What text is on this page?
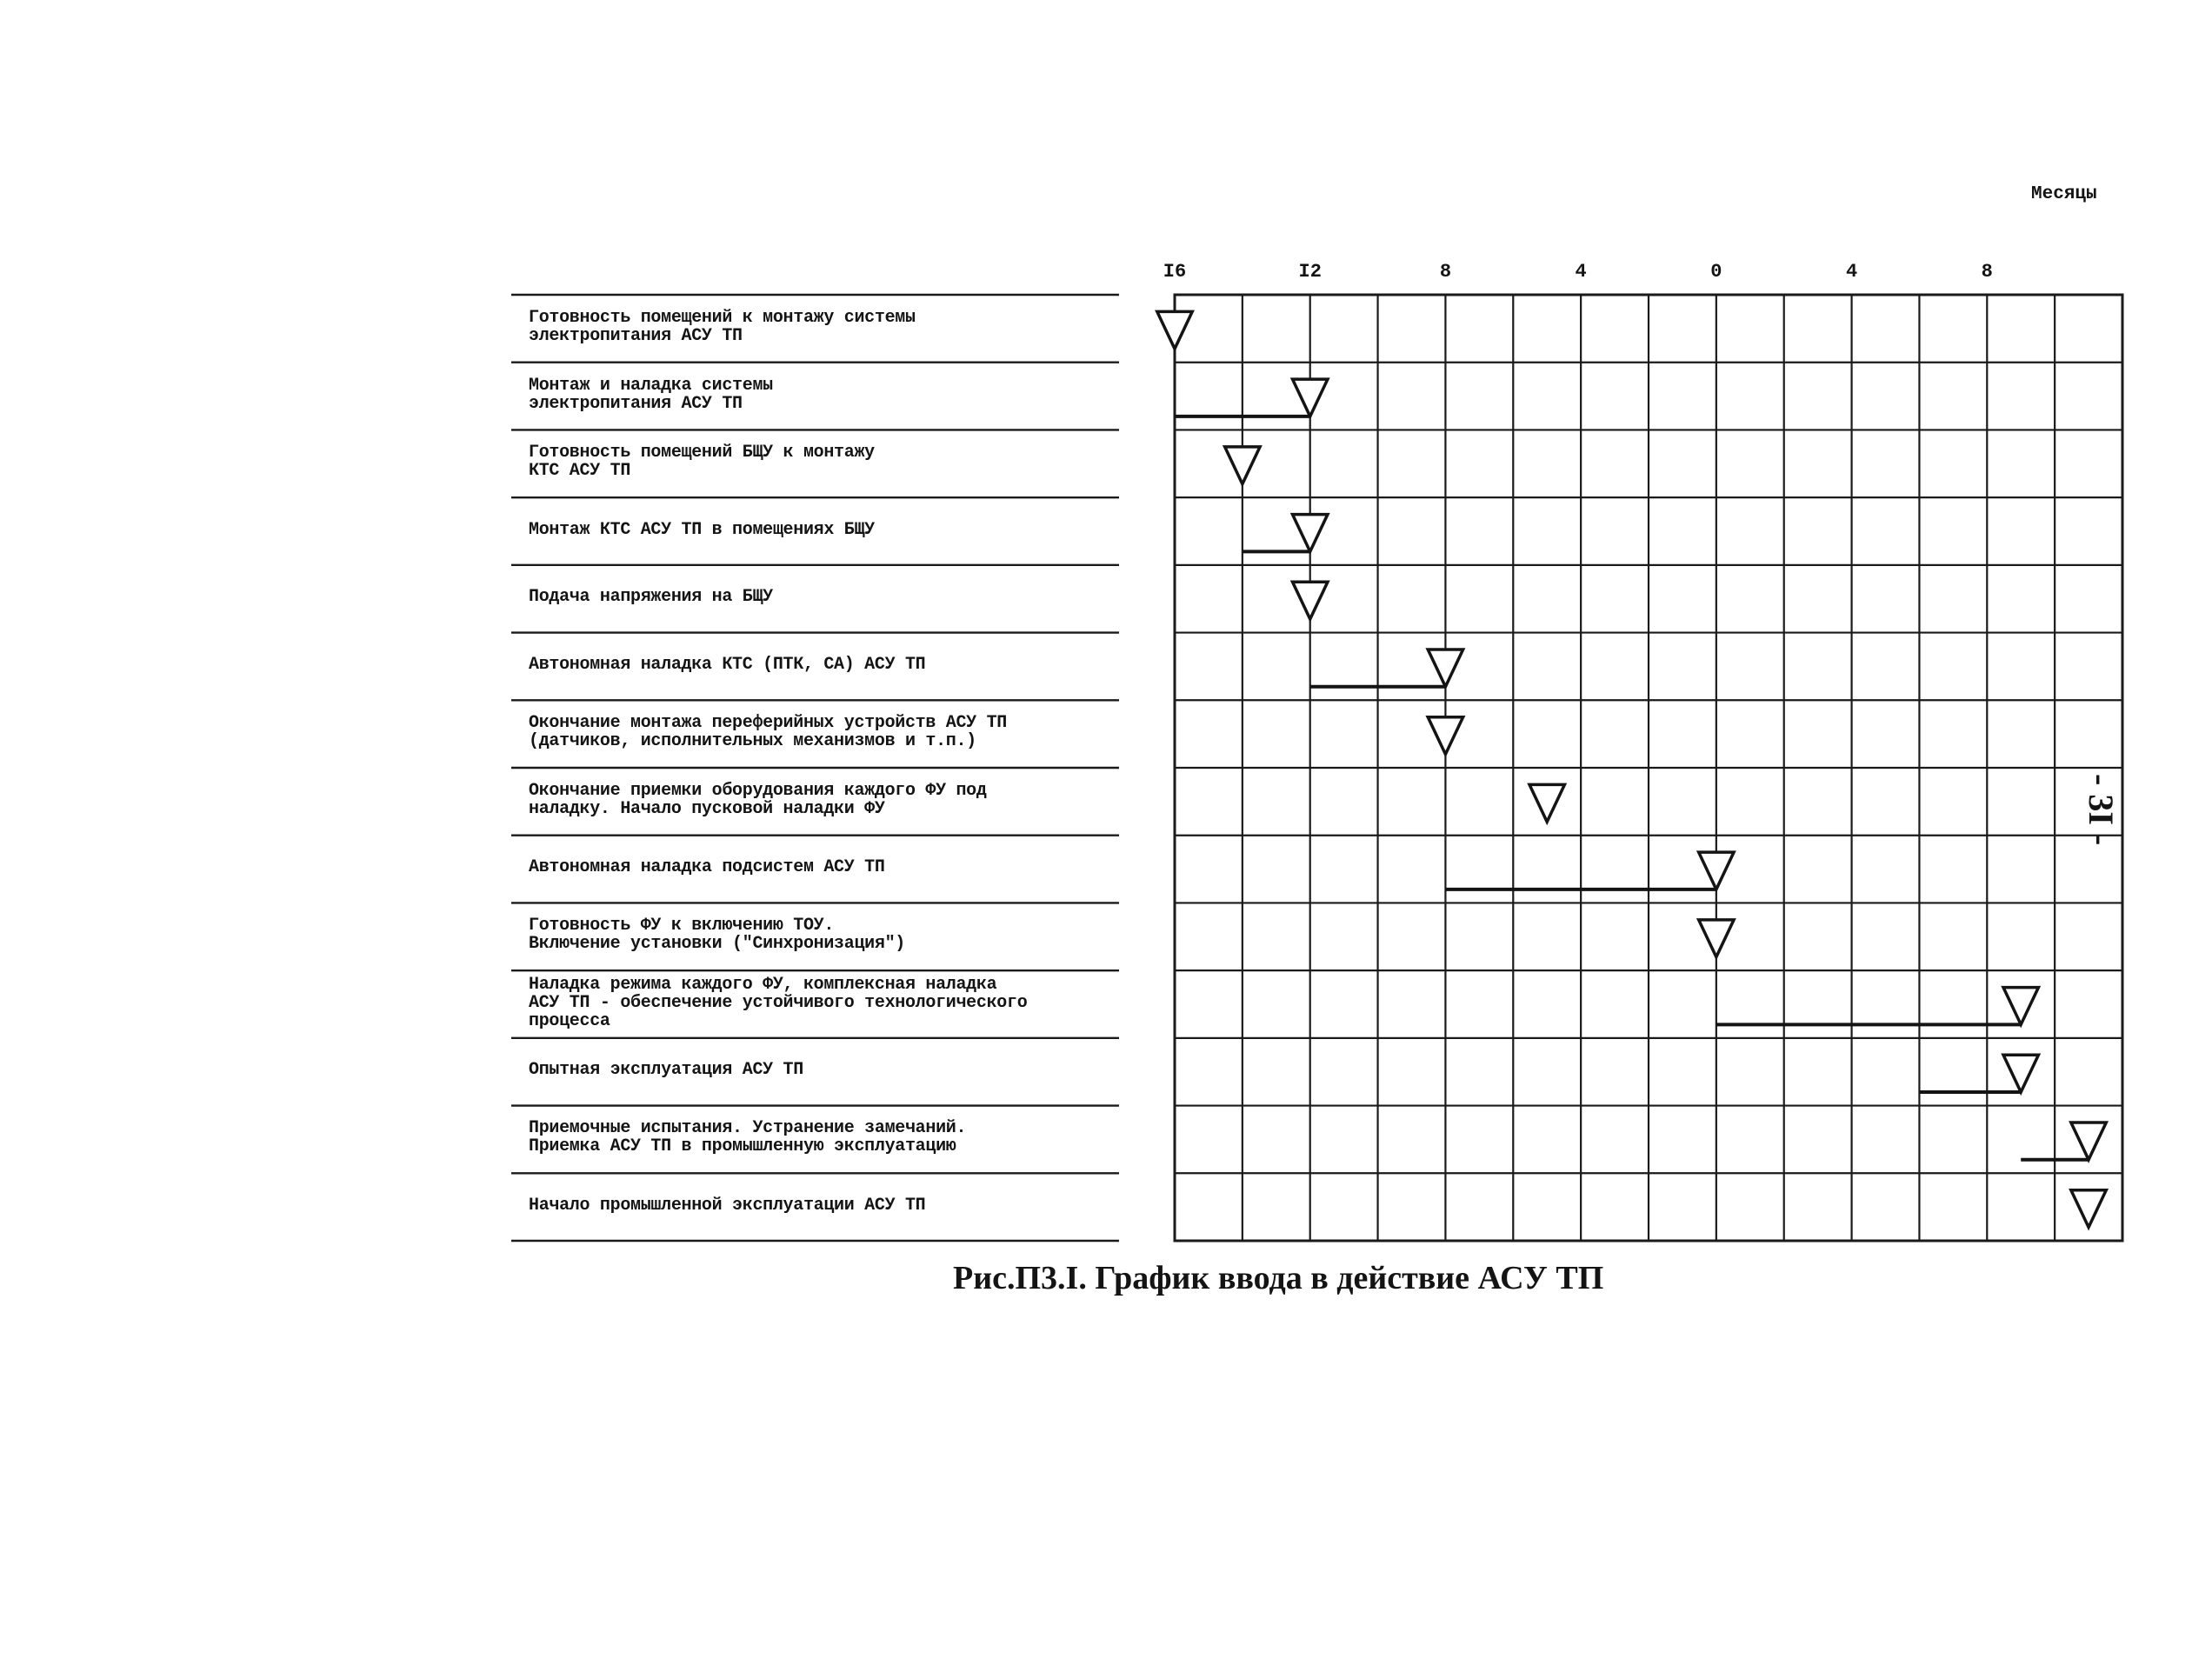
Месяцы
- 3I -
I6	I2	8	4	0	4	8
Готовность помещений к монтажу системы
электропитания АСУ ТП
Монтаж и наладка системы
электропитания АСУ ТП
Готовность помещений БЩУ к монтажу
КТС АСУ ТП
Монтаж КТС АСУ ТП в помещениях БЩУ
Подача напряжения на БЩУ
Автономная наладка КТС (ПТК, СА) АСУ ТП
Окончание монтажа переферийных устройств АСУ ТП
(датчиков, исполнительных механизмов и т.п.)
Окончание приемки оборудования каждого ФУ под
наладку. Начало пусковой наладки ФУ
Автономная наладка подсистем АСУ ТП
Готовность ФУ к включению ТОУ.
Включение установки ("Синхронизация")
Наладка режима каждого ФУ, комплексная наладка
АСУ ТП - обеспечение устойчивого технологического
процесса
Опытная эксплуатация АСУ ТП
Приемочные испытания. Устранение замечаний.
Приемка АСУ ТП в промышленную эксплуатацию
Начало промышленной эксплуатации АСУ ТП
Рис.П3.I. График ввода в действие АСУ ТП
